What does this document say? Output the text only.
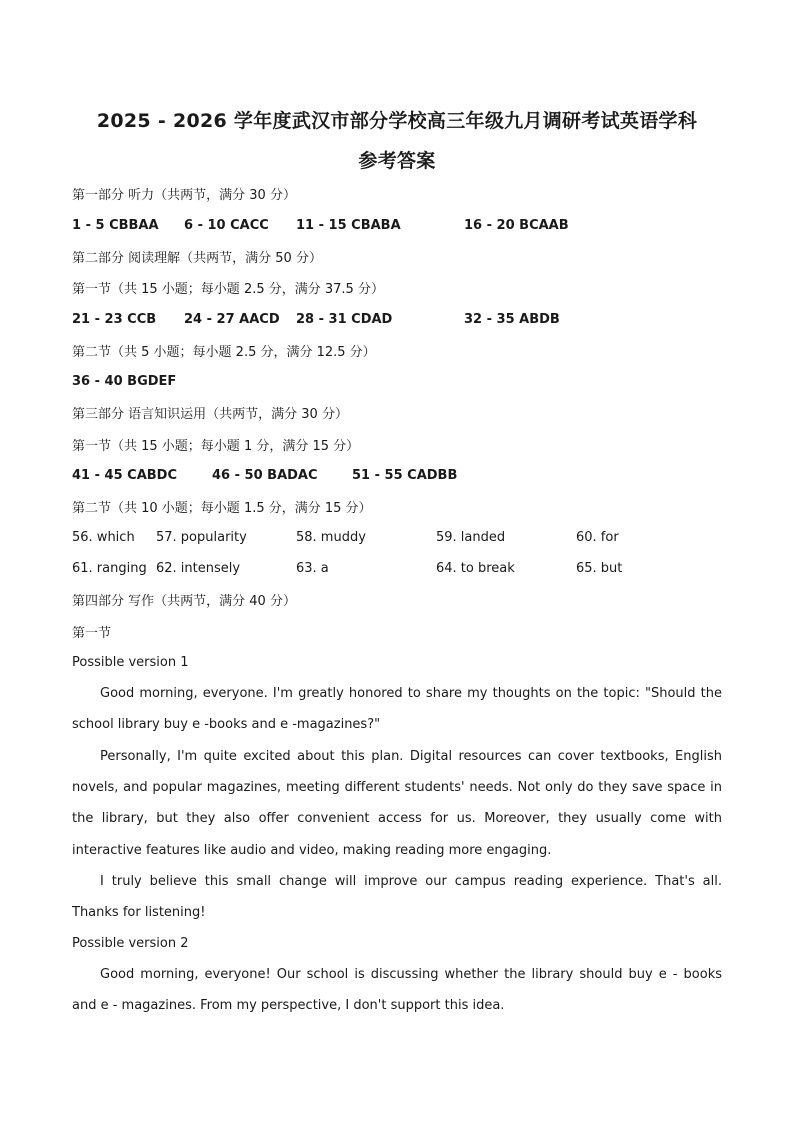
2025 - 2026 学年度武汉市部分学校高三年级九月调研考试英语学科
参考答案
第一部分 听力（共两节，满分 30 分）
1 - 5 CBBAA 6 - 10 CACC 11 - 15 CBABA	16 - 20 BCAAB
第二部分 阅读理解（共两节，满分 50 分）
第一节（共 15 小题；每小题 2.5 分，满分 37.5 分）
21 - 23 CCB 24 - 27 AACD 28 - 31 CDAD	32 - 35 ABDB
第二节（共 5 小题；每小题 2.5 分，满分 12.5 分）
36 - 40 BGDEF
第三部分 语言知识运用（共两节，满分 30 分）
第一节（共 15 小题；每小题 1 分，满分 15 分）
41 - 45 CABDC	46 - 50 BADAC	51 - 55 CADBB
第二节（共 10 小题；每小题 1.5 分，满分 15 分）
56. which 57. popularity	58. muddy	59. landed	60. for
61. ranging 62. intensely	63. a	64. to break	65. but
第四部分 写作（共两节，满分 40 分）
第一节
Possible version 1
Good morning, everyone. I'm greatly honored to share my thoughts on the topic: "Should the school library buy e -books and e -magazines?"
Personally, I'm quite excited about this plan. Digital resources can cover textbooks, English novels, and popular magazines, meeting different students' needs. Not only do they save space in the library, but they also offer convenient access for us. Moreover, they usually come with interactive features like audio and video, making reading more engaging.
I truly believe this small change will improve our campus reading experience. That's all. Thanks for listening!
Possible version 2
Good morning, everyone! Our school is discussing whether the library should buy e - books and e - magazines. From my perspective, I don't support this idea.
